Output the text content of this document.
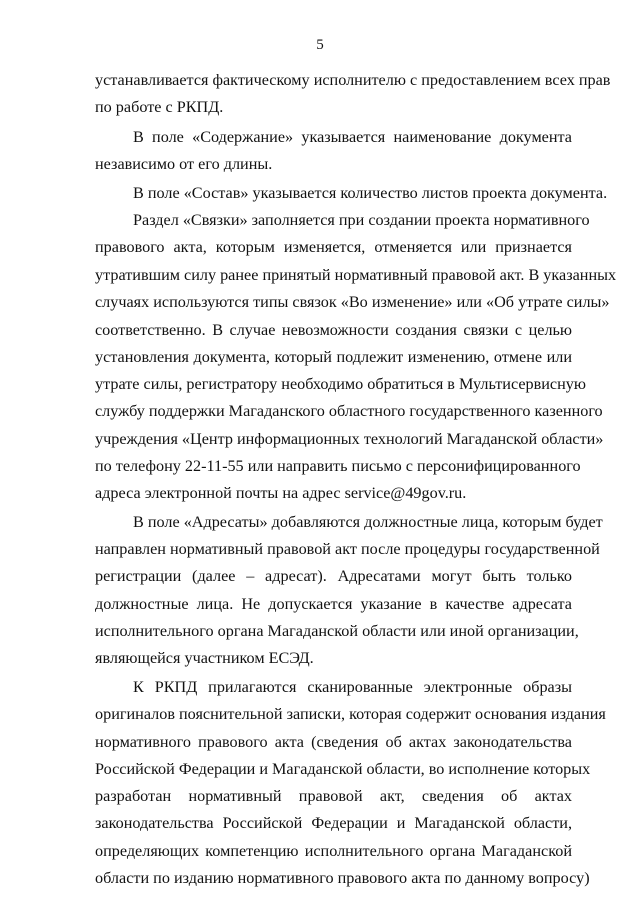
5
устанавливается фактическому исполнителю с предоставлением всех прав
по работе с РКПД.
В поле «Содержание» указывается наименование документа
независимо от его длины.
В поле «Состав» указывается количество листов проекта документа.
Раздел «Связки» заполняется при создании проекта нормативного
правового акта, которым изменяется, отменяется или признается
утратившим силу ранее принятый нормативный правовой акт. В указанных
случаях используются типы связок «Во изменение» или «Об утрате силы»
соответственно. В случае невозможности создания связки с целью
установления документа, который подлежит изменению, отмене или
утрате силы, регистратору необходимо обратиться в Мультисервисную
службу поддержки Магаданского областного государственного казенного
учреждения «Центр информационных технологий Магаданской области»
по телефону 22-11-55 или направить письмо с персонифицированного
адреса электронной почты на адрес service@49gov.ru.
В поле «Адресаты» добавляются должностные лица, которым будет
направлен нормативный правовой акт после процедуры государственной
регистрации (далее – адресат). Адресатами могут быть только
должностные лица. Не допускается указание в качестве адресата
исполнительного органа Магаданской области или иной организации,
являющейся участником ЕСЭД.
К РКПД прилагаются сканированные электронные образы
оригиналов пояснительной записки, которая содержит основания издания
нормативного правового акта (сведения об актах законодательства
Российской Федерации и Магаданской области, во исполнение которых
разработан нормативный правовой акт, сведения об актах
законодательства Российской Федерации и Магаданской области,
определяющих компетенцию исполнительного органа Магаданской
области по изданию нормативного правового акта по данному вопросу)
